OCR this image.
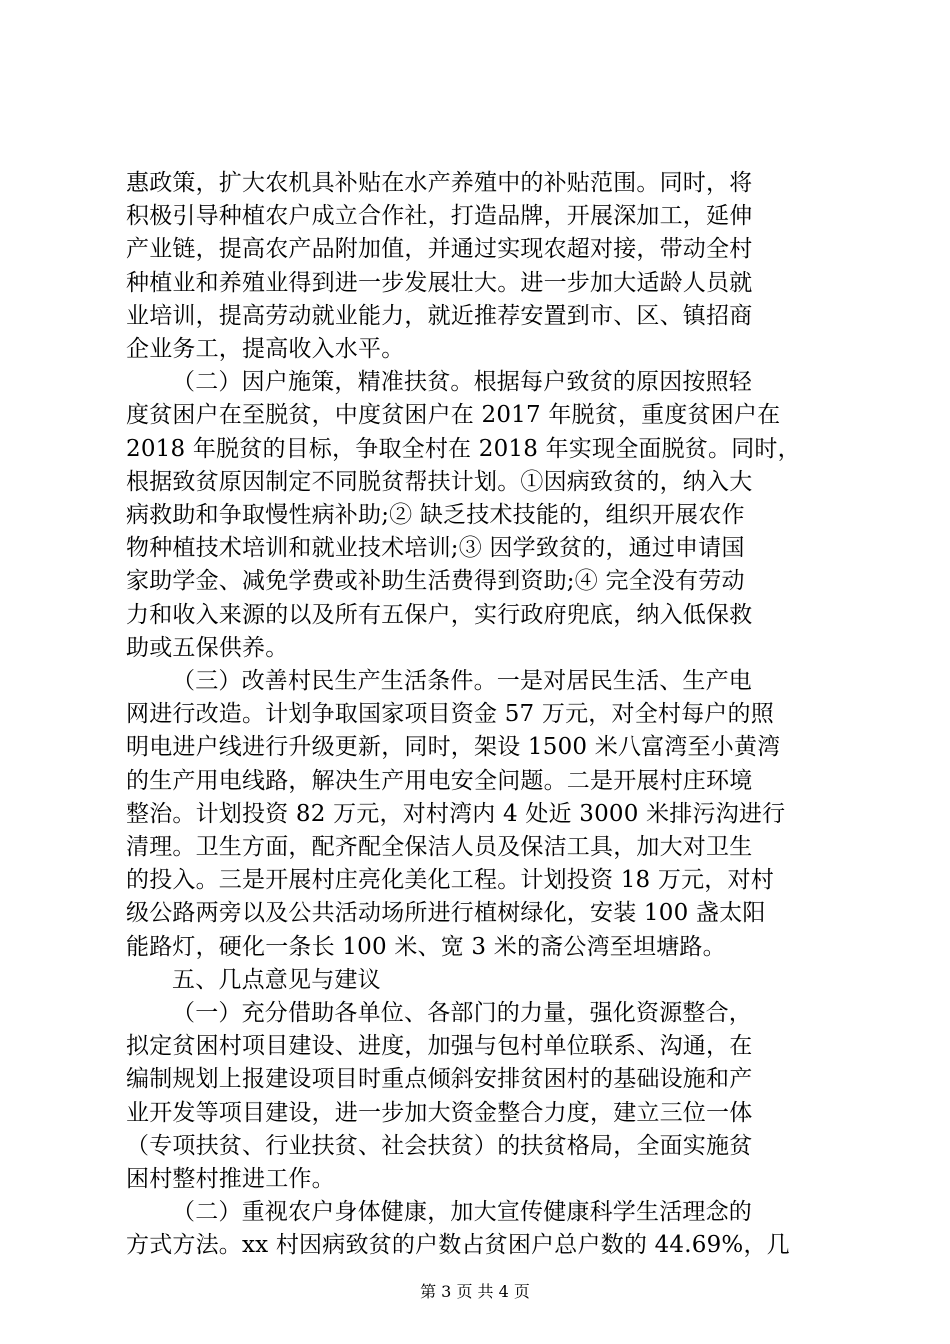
惠政策，扩大农机具补贴在水产养殖中的补贴范围。同时，将
积极引导种植农户成立合作社，打造品牌，开展深加工，延伸
产业链，提高农产品附加值，并通过实现农超对接，带动全村
种植业和养殖业得到进一步发展壮大。进一步加大适龄人员就
业培训，提高劳动就业能力，就近推荐安置到市、区、镇招商
企业务工，提高收入水平。
（二）因户施策，精准扶贫。根据每户致贫的原因按照轻
度贫困户在至脱贫，中度贫困户在 2017 年脱贫，重度贫困户在
2018 年脱贫的目标，争取全村在 2018 年实现全面脱贫。同时，
根据致贫原因制定不同脱贫帮扶计划。①因病致贫的，纳入大
病救助和争取慢性病补助;② 缺乏技术技能的，组织开展农作
物种植技术培训和就业技术培训;③ 因学致贫的，通过申请国
家助学金、减免学费或补助生活费得到资助;④ 完全没有劳动
力和收入来源的以及所有五保户，实行政府兜底，纳入低保救
助或五保供养。
（三）改善村民生产生活条件。一是对居民生活、生产电
网进行改造。计划争取国家项目资金 57 万元，对全村每户的照
明电进户线进行升级更新，同时，架设 1500 米八富湾至小黄湾
的生产用电线路，解决生产用电安全问题。二是开展村庄环境
整治。计划投资 82 万元，对村湾内 4 处近 3000 米排污沟进行
清理。卫生方面，配齐配全保洁人员及保洁工具，加大对卫生
的投入。三是开展村庄亮化美化工程。计划投资 18 万元，对村
级公路两旁以及公共活动场所进行植树绿化，安装 100 盏太阳
能路灯，硬化一条长 100 米、宽 3 米的斋公湾至坦塘路。
五、几点意见与建议
（一）充分借助各单位、各部门的力量，强化资源整合，
拟定贫困村项目建设、进度，加强与包村单位联系、沟通，在
编制规划上报建设项目时重点倾斜安排贫困村的基础设施和产
业开发等项目建设，进一步加大资金整合力度，建立三位一体
（专项扶贫、行业扶贫、社会扶贫）的扶贫格局，全面实施贫
困村整村推进工作。
（二）重视农户身体健康，加大宣传健康科学生活理念的
方式方法。xx 村因病致贫的户数占贫困户总户数的 44.69%，几
第 3 页 共 4 页
